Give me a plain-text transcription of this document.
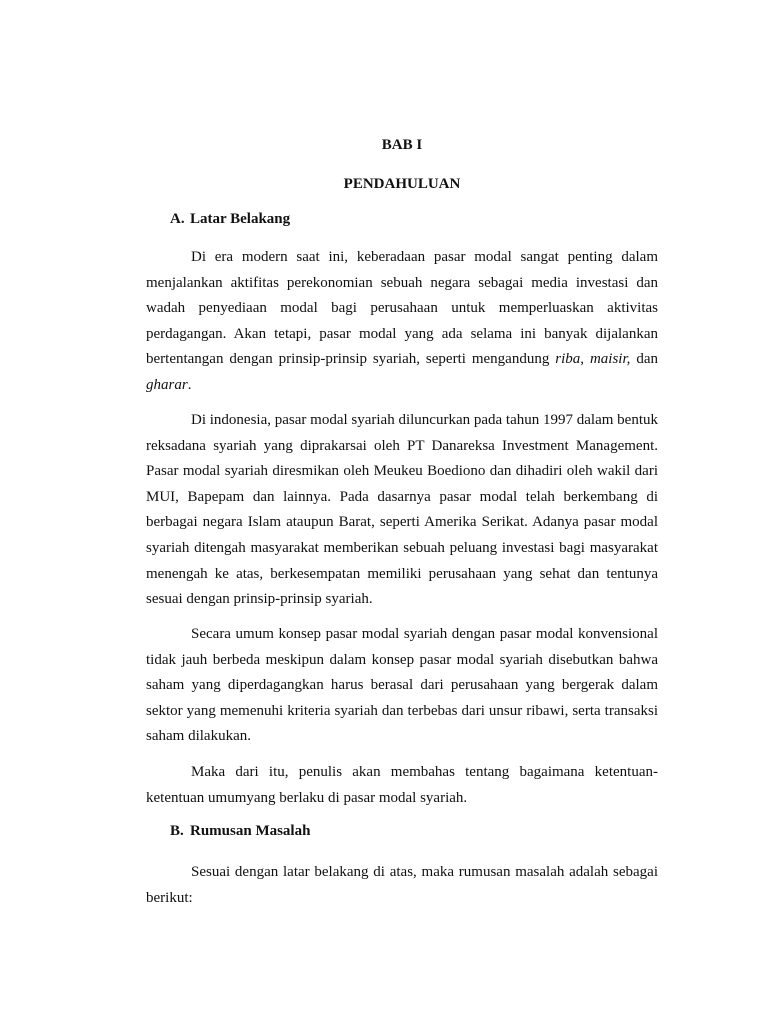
BAB I
PENDAHULUAN

A. Latar Belakang

Di era modern saat ini, keberadaan pasar modal sangat penting dalam menjalankan aktifitas perekonomian sebuah negara sebagai media investasi dan wadah penyediaan modal bagi perusahaan untuk memperluaskan aktivitas perdagangan. Akan tetapi, pasar modal yang ada selama ini banyak dijalankan bertentangan dengan prinsip-prinsip syariah, seperti mengandung riba, maisir, dan gharar.

Di indonesia, pasar modal syariah diluncurkan pada tahun 1997 dalam bentuk reksadana syariah yang diprakarsai oleh PT Danareksa Investment Management. Pasar modal syariah diresmikan oleh Meukeu Boediono dan dihadiri oleh wakil dari MUI, Bapepam dan lainnya. Pada dasarnya pasar modal telah berkembang di berbagai negara Islam ataupun Barat, seperti Amerika Serikat. Adanya pasar modal syariah ditengah masyarakat memberikan sebuah peluang investasi bagi masyarakat menengah ke atas, berkesempatan memiliki perusahaan yang sehat dan tentunya sesuai dengan prinsip-prinsip syariah.

Secara umum konsep pasar modal syariah dengan pasar modal konvensional tidak jauh berbeda meskipun dalam konsep pasar modal syariah disebutkan bahwa saham yang diperdagangkan harus berasal dari perusahaan yang bergerak dalam sektor yang memenuhi kriteria syariah dan terbebas dari unsur ribawi, serta transaksi saham dilakukan.

Maka dari itu, penulis akan membahas tentang bagaimana ketentuan-ketentuan umumyang berlaku di pasar modal syariah.

B. Rumusan Masalah

Sesuai dengan latar belakang di atas, maka rumusan masalah adalah sebagai berikut:
